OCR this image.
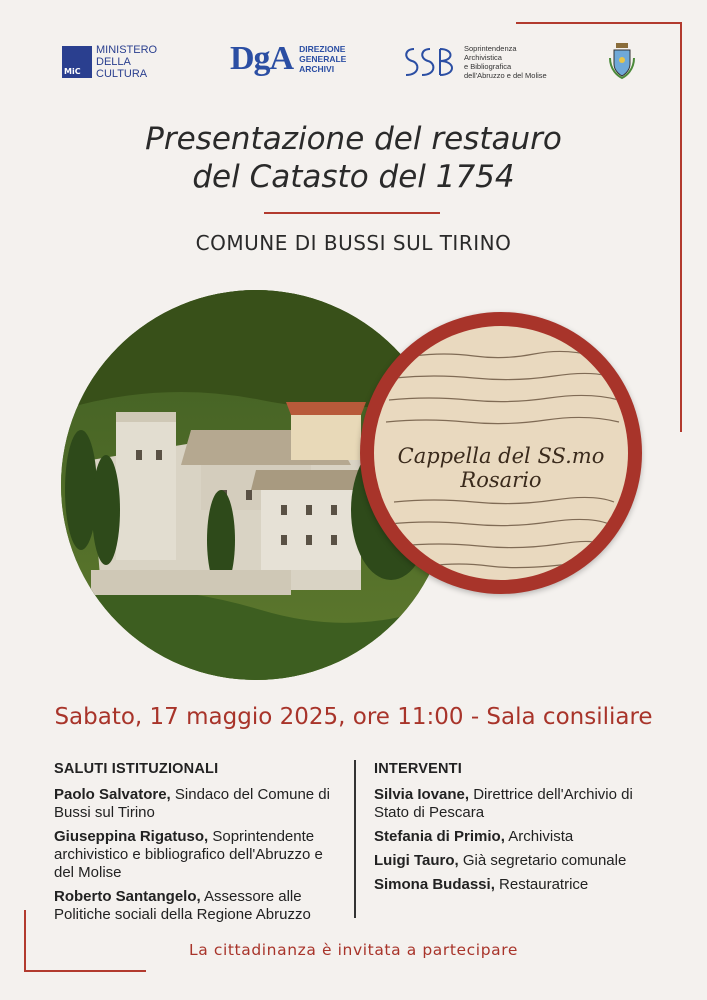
MiC
MINISTERO
DELLA
CULTURA DgA DIREZIONE
GENERALE
ARCHIVI
Soprintendenza
Archivistica
e Bibliografica
dell'Abruzzo e del Molise
Presentazione del restauro
del Catasto del 1754
COMUNE DI BUSSI SUL TIRINO
Cappella del SS.mo Rosario
Sabato, 17 maggio 2025, ore 11:00 - Sala consiliare
SALUTI ISTITUZIONALI
Paolo Salvatore, Sindaco del Comune di Bussi sul Tirino
Giuseppina Rigatuso, Soprintendente archivistico e bibliografico dell'Abruzzo e del Molise
Roberto Santangelo, Assessore alle Politiche sociali della Regione Abruzzo
INTERVENTI
Silvia Iovane, Direttrice dell'Archivio di Stato di Pescara
Stefania di Primio, Archivista
Luigi Tauro, Già segretario comunale
Simona Budassi, Restauratrice
La cittadinanza è invitata a partecipare
